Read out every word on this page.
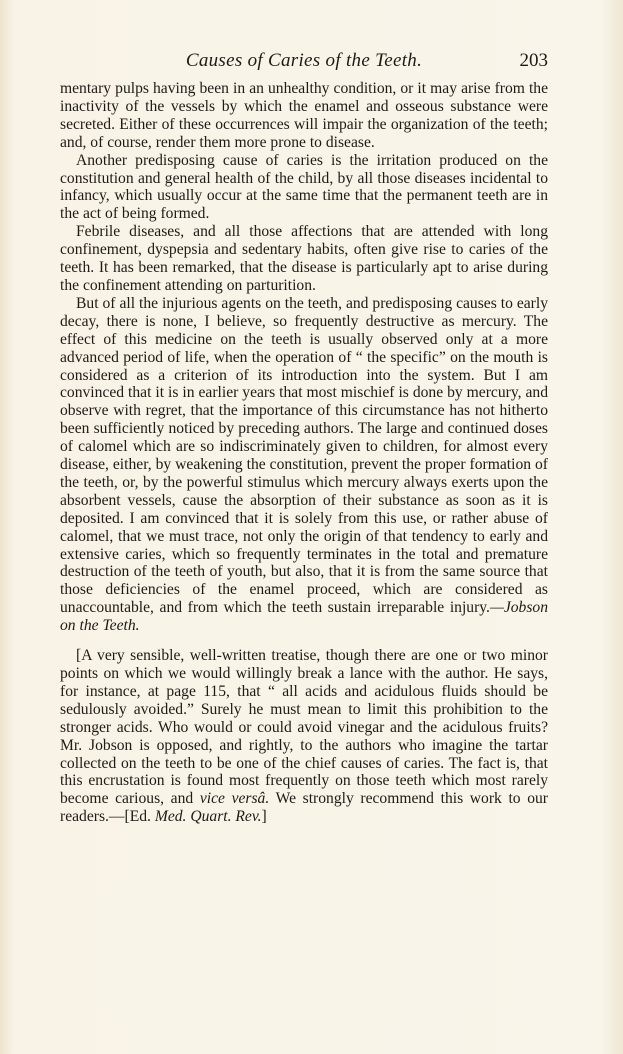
Causes of Caries of the Teeth.	203

mentary pulps having been in an unhealthy condition, or it may arise from the inactivity of the vessels by which the enamel and osseous substance were secreted. Either of these occurrences will impair the organization of the teeth; and, of course, render them more prone to disease.

Another predisposing cause of caries is the irritation produced on the constitution and general health of the child, by all those diseases incidental to infancy, which usually occur at the same time that the permanent teeth are in the act of being formed.

Febrile diseases, and all those affections that are attended with long confinement, dyspepsia and sedentary habits, often give rise to caries of the teeth. It has been remarked, that the disease is particularly apt to arise during the confinement attending on parturition.

But of all the injurious agents on the teeth, and predisposing causes to early decay, there is none, I believe, so frequently destructive as mercury. The effect of this medicine on the teeth is usually observed only at a more advanced period of life, when the operation of “ the specific” on the mouth is considered as a criterion of its introduction into the system. But I am convinced that it is in earlier years that most mischief is done by mercury, and observe with regret, that the importance of this circumstance has not hitherto been sufficiently noticed by preceding authors. The large and continued doses of calomel which are so indiscriminately given to children, for almost every disease, either, by weakening the constitution, prevent the proper formation of the teeth, or, by the powerful stimulus which mercury always exerts upon the absorbent vessels, cause the absorption of their substance as soon as it is deposited. I am convinced that it is solely from this use, or rather abuse of calomel, that we must trace, not only the origin of that tendency to early and extensive caries, which so frequently terminates in the total and premature destruction of the teeth of youth, but also, that it is from the same source that those deficiencies of the enamel proceed, which are considered as unaccountable, and from which the teeth sustain irreparable injury.—Jobson on the Teeth.

[A very sensible, well-written treatise, though there are one or two minor points on which we would willingly break a lance with the author. He says, for instance, at page 115, that “ all acids and acidulous fluids should be sedulously avoided.” Surely he must mean to limit this prohibition to the stronger acids. Who would or could avoid vinegar and the acidulous fruits? Mr. Jobson is opposed, and rightly, to the authors who imagine the tartar collected on the teeth to be one of the chief causes of caries. The fact is, that this encrustation is found most frequently on those teeth which most rarely become carious, and vice versâ. We strongly recommend this work to our readers.—[Ed. Med. Quart. Rev.]
